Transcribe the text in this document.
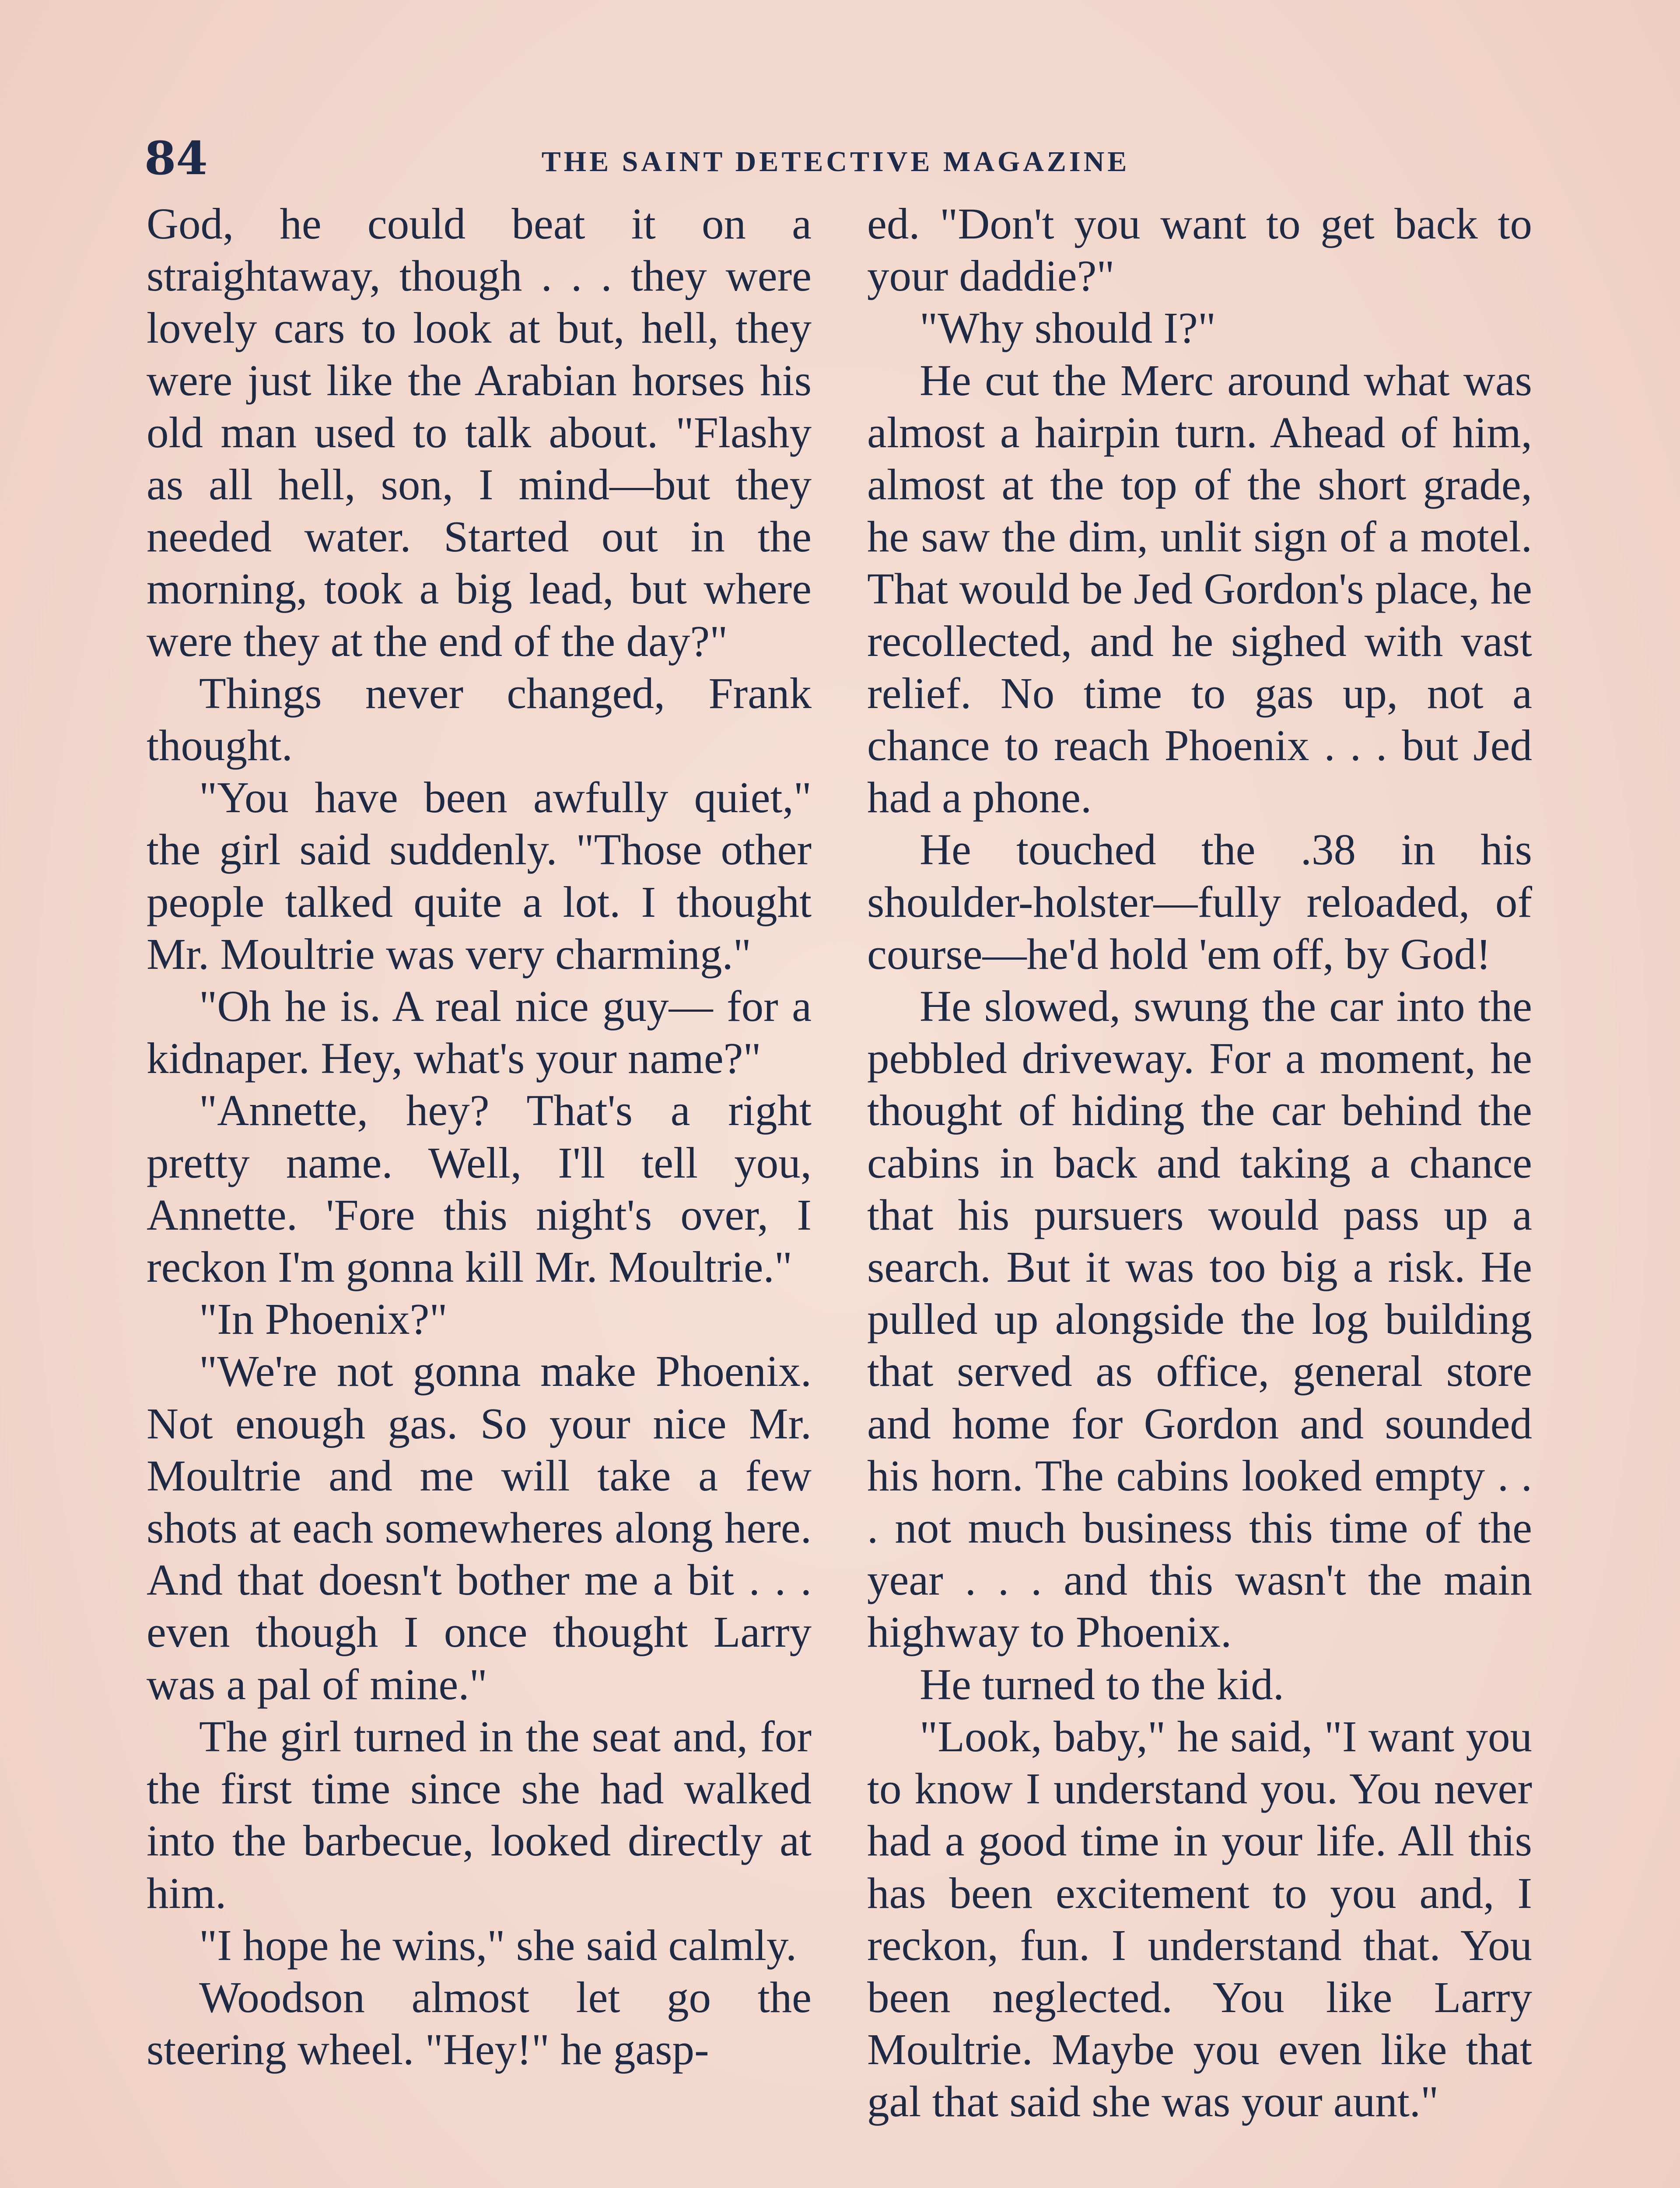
84	THE SAINT DETECTIVE MAGAZINE

God, he could beat it on a straightaway, though . . . they were lovely cars to look at but, hell, they were just like the Arabian horses his old man used to talk about. "Flashy as all hell, son, I mind—but they needed water. Started out in the morning, took a big lead, but where were they at the end of the day?"

Things never changed, Frank thought.

"You have been awfully quiet," the girl said suddenly. "Those other people talked quite a lot. I thought Mr. Moultrie was very charming."

"Oh he is. A real nice guy— for a kidnaper. Hey, what's your name?"

"Annette, hey? That's a right pretty name. Well, I'll tell you, Annette. 'Fore this night's over, I reckon I'm gonna kill Mr. Moultrie."

"In Phoenix?"

"We're not gonna make Phoenix. Not enough gas. So your nice Mr. Moultrie and me will take a few shots at each somewheres along here. And that doesn't bother me a bit . . . even though I once thought Larry was a pal of mine."

The girl turned in the seat and, for the first time since she had walked into the barbecue, looked directly at him.

"I hope he wins," she said calmly.

Woodson almost let go the steering wheel. "Hey!" he gasp-

ed. "Don't you want to get back to your daddie?"

"Why should I?"

He cut the Merc around what was almost a hairpin turn. Ahead of him, almost at the top of the short grade, he saw the dim, unlit sign of a motel. That would be Jed Gordon's place, he recollected, and he sighed with vast relief. No time to gas up, not a chance to reach Phoenix . . . but Jed had a phone.

He touched the .38 in his shoulder-holster—fully reloaded, of course—he'd hold 'em off, by God!

He slowed, swung the car into the pebbled driveway. For a moment, he thought of hiding the car behind the cabins in back and taking a chance that his pursuers would pass up a search. But it was too big a risk. He pulled up alongside the log building that served as office, general store and home for Gordon and sounded his horn. The cabins looked empty . . . not much business this time of the year . . . and this wasn't the main highway to Phoenix.

He turned to the kid.

"Look, baby," he said, "I want you to know I understand you. You never had a good time in your life. All this has been excitement to you and, I reckon, fun. I understand that. You been neglected. You like Larry Moultrie. Maybe you even like that gal that said she was your aunt."
